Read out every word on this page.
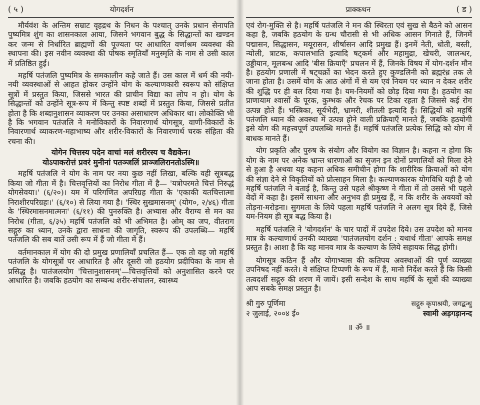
( ५ )	योगदर्शन

मौर्यवंश के अन्तिम सम्राट वृहद्रथ के निधन के पश्चात् उनके प्रधान सेनापति पुष्यमित्र शुंग का शासनकाल आया, जिसने भगवान बुद्ध के सिद्धान्तों का खण्डन कर जन्म से निर्धारित ब्राह्मणों की पूज्यता पर आधारित वर्णाश्रम व्यवस्था की स्थापना की। इस नवीन व्यवस्था की पोषक स्मृतियाँ मनुस्मृति के नाम से उसी काल में प्रतिष्ठित हुईं।

महर्षि पतंजलि पुष्यमित्र के समकालीन कहे जाते हैं। उस काल में धर्म की नयी-नयी व्यवस्थाओं से आहत होकर उन्होंने योग के कल्याणकारी स्वरूप को संक्षिप्त सूत्रों में प्रस्तुत किया, जिससे भारत की प्राचीन विद्या का लोप न हो। योग के सिद्धान्तों को उन्होंने सूत्र-रूप में किन्तु स्पष्ट शब्दों में प्रस्तुत किया, जिससे प्रतीत होता है कि शब्दानुशासन व्याकरण पर उनका असाधारण अधिकार था। लोकोक्ति भी है कि भगवान पतंजलि ने मनोविकारों के निवारणार्थ योगसूत्र, वाणी-विकारों के निवारणार्थ व्याकरण-महाभाष्य और शरीर-विकारों के निवारणार्थ चरक संहिता की रचना की।

योगेन चित्तस्य पदेन वाचां मलं शरीरस्य च वैद्यकेन।
योऽपाकरोत्तं प्रवरं मुनीनां पतञ्जलिं प्राञ्जलिरानतोऽस्मि॥

महर्षि पतंजलि ने योग के नाम पर नया कुछ नहीं लिखा, बल्कि वही सूत्रबद्ध किया जो गीता में है। चित्तवृत्तियों का निरोध गीता में है— 'यत्रोपरमते चित्तं निरुद्धं योगसेवया।' (६/२०)। यम में परिगणित अपरिग्रह गीता के 'एकाकी यतचित्तात्मा निराशीरपरिग्रहः।' (६/१०) से लिया गया है। 'स्थिर सुखमासनम्' (योग०, २/४६) गीता के 'स्थिरमासनमात्मनः' (६/११) की पुनरुक्ति है। अभ्यास और वैराग्य से मन का निरोध (गीता, ६/३५) महर्षि पतंजलि को भी अभिमत है। ओम् का जप, वीतराग सद्गुरु का ध्यान, उनके द्वारा साधना की जागृति, स्वरूप की उपलब्धि— महर्षि पतंजलि की सब बातें उसी रूप में हैं जो गीता में हैं।

वर्तमानकाल में योग की दो प्रमुख प्रणालियाँ प्रचलित हैं— एक तो वह जो महर्षि पतंजलि के योगसूत्रों पर आधारित है और दूसरी जो हठयोग प्रदीपिका के नाम से प्रसिद्ध है। पातंजलयोग 'चित्तानुशासनम्'—चित्तवृत्तियों को अनुशासित करने पर आधारित है। जबकि हठयोग का सम्बन्ध शरीर-संचालन, स्वास्थ्य

प्राक्कथन	( ड )

एवं रोग-मुक्ति से है। महर्षि पतंजलि ने मन की स्थिरता एवं सुख से बैठने को आसन कहा है, जबकि हठयोग के ग्रन्थ चौरासी से भी अधिक आसन गिनाते हैं, जिनमें पद्मासन, सिद्धासन, मयूरासन, शीर्षासन आदि प्रमुख हैं। इनमें नेती, धोती, बस्ती, न्योली, त्राटक, कपालभाति इत्यादि षट्कर्म और महामुद्रा, खेचरी, जालन्धर, उड्डीयान, मूलबन्ध आदि 'बीस क्रियाएँ' प्रचलन में हैं, जिनके विषय में योग-दर्शन मौन है। हठयोग प्रणाली में षट्चक्रों का भेदन करते हुए कुण्डलिनी को ब्रह्मरंध्र तक ले जाना होता है। उसमें योग के आठ अंगों में से यम एवं नियम पर ध्यान न देकर शरीर की शुद्धि पर ही बल दिया गया है। यम-नियमों को छोड़ दिया गया है। हठयोग का प्राणायाम श्वासों के पूरक, कुम्भक और रेचक पर टिका रहता है जिससे कई रोग उत्पन्न होते हैं। भस्त्रिका, सूर्यभेदी, भ्रामरी, शीतली इत्यादि हैं। सिद्धियों को महर्षि पतंजलि ध्यान की अवस्था में उत्पन्न होने वाली प्रक्रियाएँ मानते हैं, जबकि हठयोगी इसे योग की महत्त्वपूर्ण उपलब्धि मानते हैं। महर्षि पतंजलि प्रत्येक सिद्धि को योग में बाधक मानते हैं।

योग प्रकृति और पुरुष के संयोग और वियोग का विज्ञान है। कहना न होगा कि योग के नाम पर अनेक भ्रान्त धारणाओं का सृजन इन दोनों प्रणालियों को मिला देने से हुआ है अथवा यह कहना अधिक समीचीन होगा कि शारीरिक क्रियाओं को योग की संज्ञा देने से विकृतियों को प्रोत्साहन मिला है। कल्याणकारक योगविधि यही है जो महर्षि पतंजलि ने बताई है, किन्तु उसे पहले श्रीकृष्ण ने गीता में तो उससे भी पहले वेदों में कहा है। इसमें साधना और अनुभव ही प्रमुख हैं, न कि शरीर के अवयवों को तोड़ना-मरोड़ना। सुगमता के लिये पहला महर्षि पतंजलि ने अलग सूत्र दिये हैं, जिसे यम-नियम ही सूत्र बद्ध किया है।

महर्षि पतंजलि ने 'योगदर्शन' के चार पादों में उपदेश दिये। उस उपदेश को मानव मात्र के कल्याणार्थ उनकी व्याख्या 'पातंजलयोग दर्शन : यथार्थ गीता' आपके समक्ष प्रस्तुत है। आशा है कि यह मानव मात्र के कल्याण के लिये सहायक सिद्ध होगी।

योगसूत्र कठिन हैं और योगाभ्यास की कतिपय अवस्थाओं की पूर्ण व्याख्या उपनिषद नहीं करते। वे संक्षिप्त टिप्पणी के रूप में हैं, मानो निर्देश करते हैं कि किसी तत्वदर्शी सद्गुरु की शरण में जायें। इसी सन्देश के साथ महर्षि के सूत्रों की व्याख्या आप सबके समक्ष प्रस्तुत है।

श्री गुरु पूर्णिमा
२ जुलाई, २००४ ई०
सद्गुरु कृपाश्रयी, जगद्बन्धु
स्वामी अड़गड़ानन्द
॥ ॐ ॥
